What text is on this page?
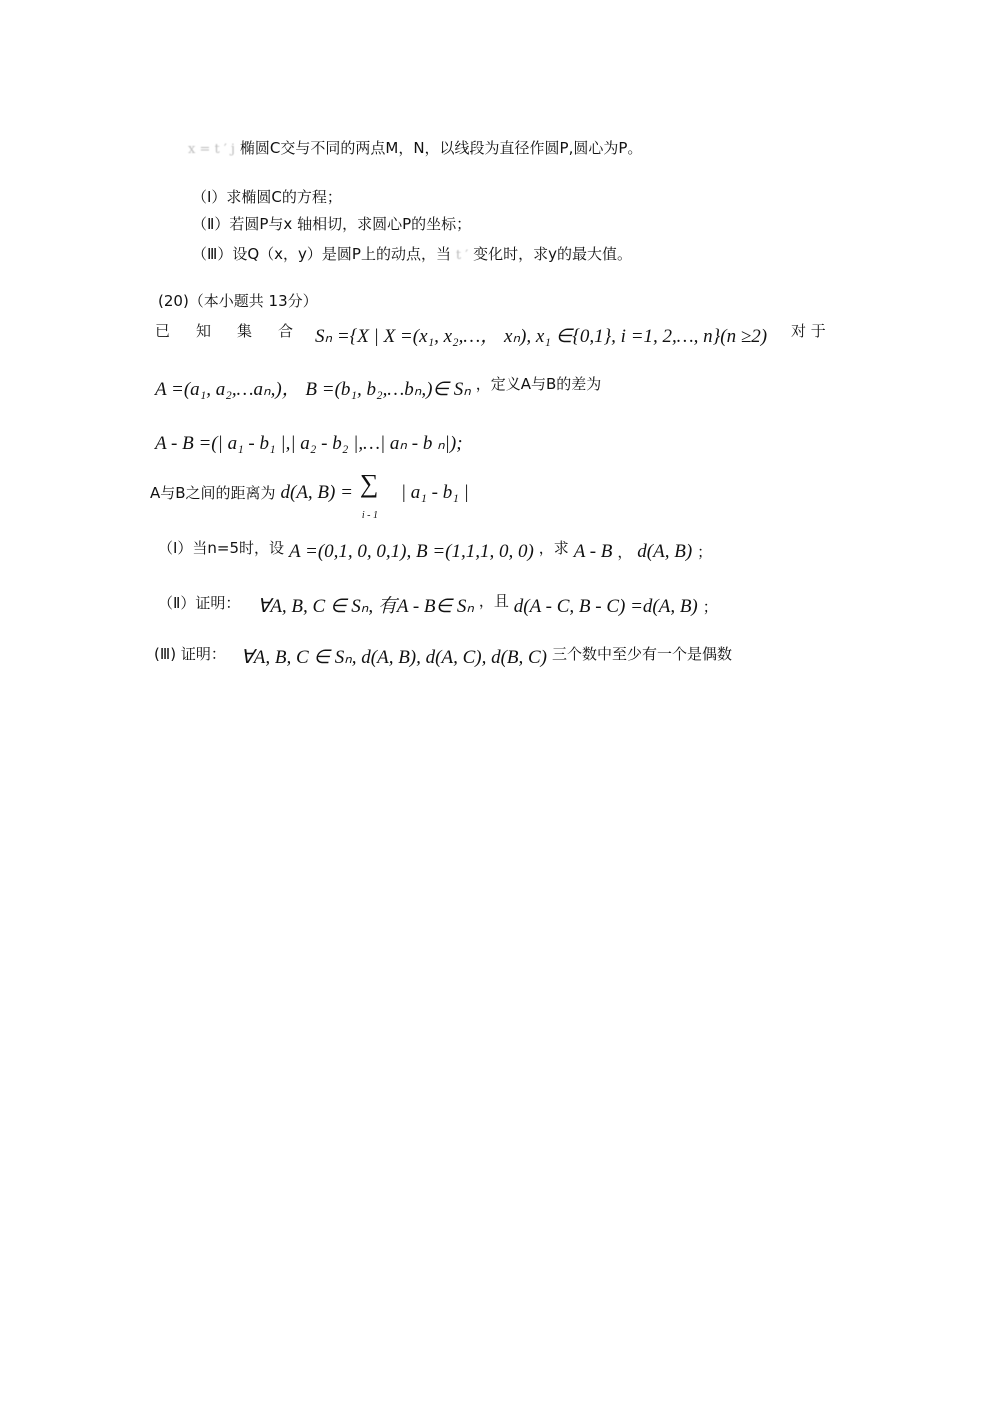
x = t ′ j 椭圆C交与不同的两点M，N，以线段为直径作圆P,圆心为P。
（Ⅰ）求椭圆C的方程；
（Ⅱ）若圆P与x 轴相切，求圆心P的坐标；
（Ⅲ）设Q（x，y）是圆P上的动点，当 t ′ 变化时，求y的最大值。
(20)（本小题共 13分）
已知集合
Sₙ ={X | X =(x₁, x₂,…， xₙ), x₁ ∈{0,1}, i =1, 2,…, n}(n ≥2) 对 于
A =(a₁, a₂,…aₙ,)， B =(b₁, b₂,…bₙ,)∈ Sₙ ，定义A与B的差为
A - B =(| a₁ - b₁ |,| a₂ - b₂ |,…| aₙ - b ₙ|);
A与B之间的距离为 d(A, B) = ∑
i - 1
| a₁ - b₁ |
（Ⅰ）当n=5时，设 A =(0,1, 0, 0,1), B =(1,1,1, 0, 0) ，求 A - B ， d(A, B) ；
（Ⅱ）证明： ∀A, B, C ∈ Sₙ, 有A - B∈ Sₙ ，且 d(A - C, B - C) =d(A, B) ；
(Ⅲ) 证明： ∀A, B, C ∈ Sₙ, d(A, B), d(A, C), d(B, C) 三个数中至少有一个是偶数
